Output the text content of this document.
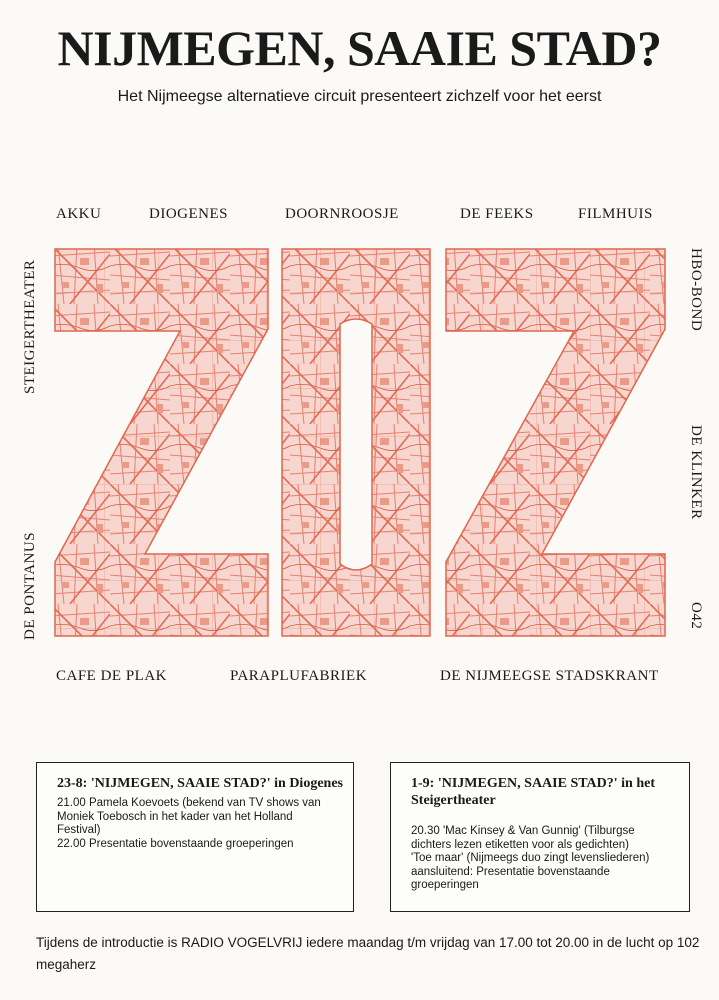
NIJMEGEN, SAAIE STAD?
Het Nijmeegse alternatieve circuit presenteert zichzelf voor het eerst
AKKU	DIOGENES	DOORNROOSJE	DE FEEKS	FILMHUIS
STEIGERTHEATER
DE PONTANUS
HBO-BOND
DE KLINKER
O42
CAFE DE PLAK	PARAPLUFABRIEK	DE NIJMEEGSE STADSKRANT

23-8: 'NIJMEGEN, SAAIE STAD?' in Diogenes

21.00 Pamela Koevoets (bekend van TV shows van

Moniek Toebosch in het kader van het Holland

Festival)

22.00 Presentatie bovenstaande groeperingen

1-9: 'NIJMEGEN, SAAIE STAD?' in het Steigertheater

20.30 'Mac Kinsey & Van Gunnig' (Tilburgse

dichters lezen etiketten voor als gedichten)

'Toe maar' (Nijmeegs duo zingt levensliederen)

aansluitend: Presentatie bovenstaande

groeperingen

Tijdens de introductie is RADIO VOGELVRIJ iedere maandag t/m vrijdag van 17.00 tot 20.00 in de lucht op 102 megaherz
